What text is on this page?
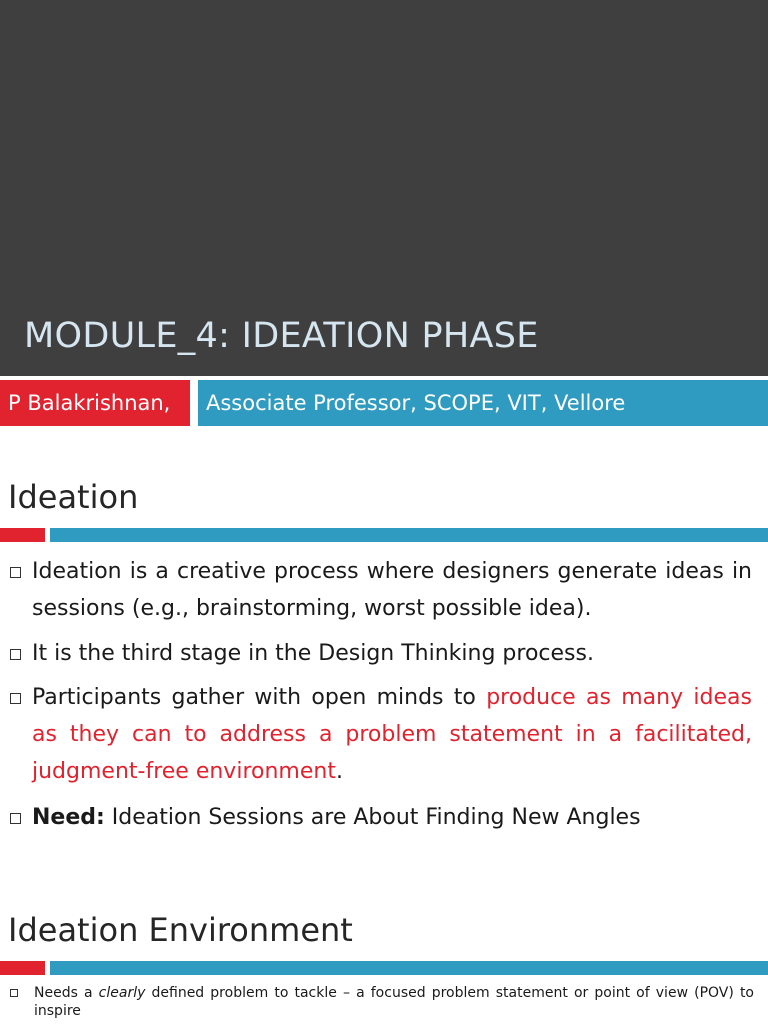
MODULE_4: IDEATION PHASE
P Balakrishnan,	Associate Professor, SCOPE, VIT, Vellore
Ideation
Ideation is a creative process where designers generate ideas in sessions (e.g., brainstorming, worst possible idea).
It is the third stage in the Design Thinking process.
Participants gather with open minds to produce as many ideas as they can to address a problem statement in a facilitated, judgment-free environment.
Need: Ideation Sessions are About Finding New Angles
Ideation Environment
Needs a clearly defined problem to tackle – a focused problem statement or point of view (POV) to inspire
